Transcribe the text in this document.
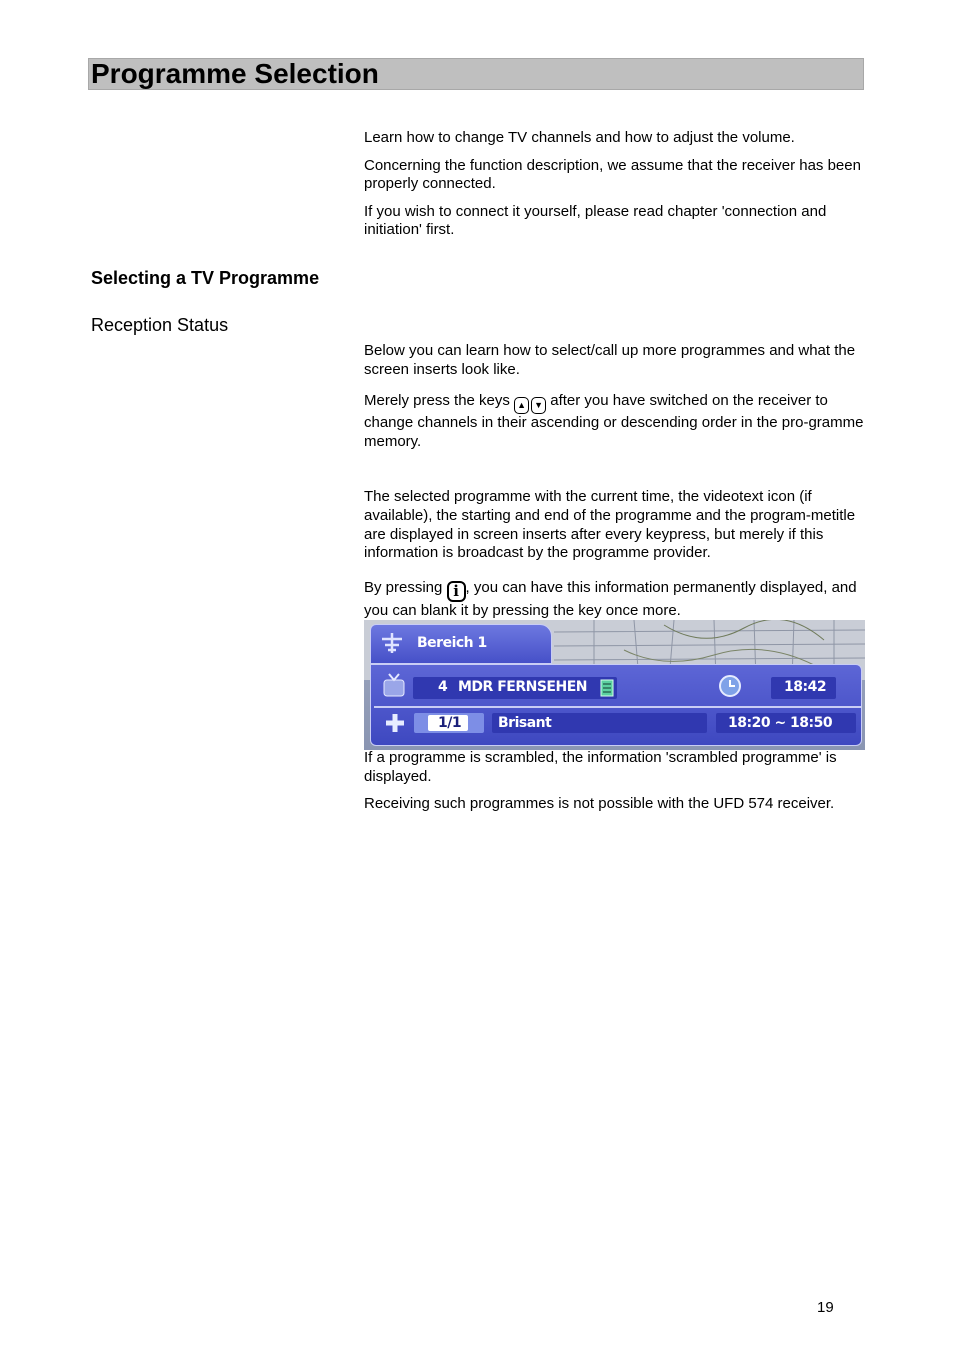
Programme Selection

Learn how to change TV channels and how to adjust the volume.

Concerning the function description, we assume that the receiver has been properly connected.

If you wish to connect it yourself, please read chapter 'connection and initiation' first.

Selecting a TV Programme
Reception Status

Below you can learn how to select/call up more programmes and what the screen inserts look like.

Merely press the keys ▲ ▼ after you have switched on the receiver to change channels in their ascending or descending order in the pro-gramme memory.

The selected programme with the current time, the videotext icon (if available), the starting and end of the programme and the program-metitle are displayed in screen inserts after every keypress, but merely if this information is broadcast by the programme provider.

By pressing i , you can have this information permanently displayed, and you can blank it by pressing the key once more.

Bereich 1
4 MDR FERNSEHEN	18:42
1/1	Brisant	18:20 ~ 18:50

If a programme is scrambled, the information 'scrambled programme' is displayed.

Receiving such programmes is not possible with the UFD 574 receiver.

19
